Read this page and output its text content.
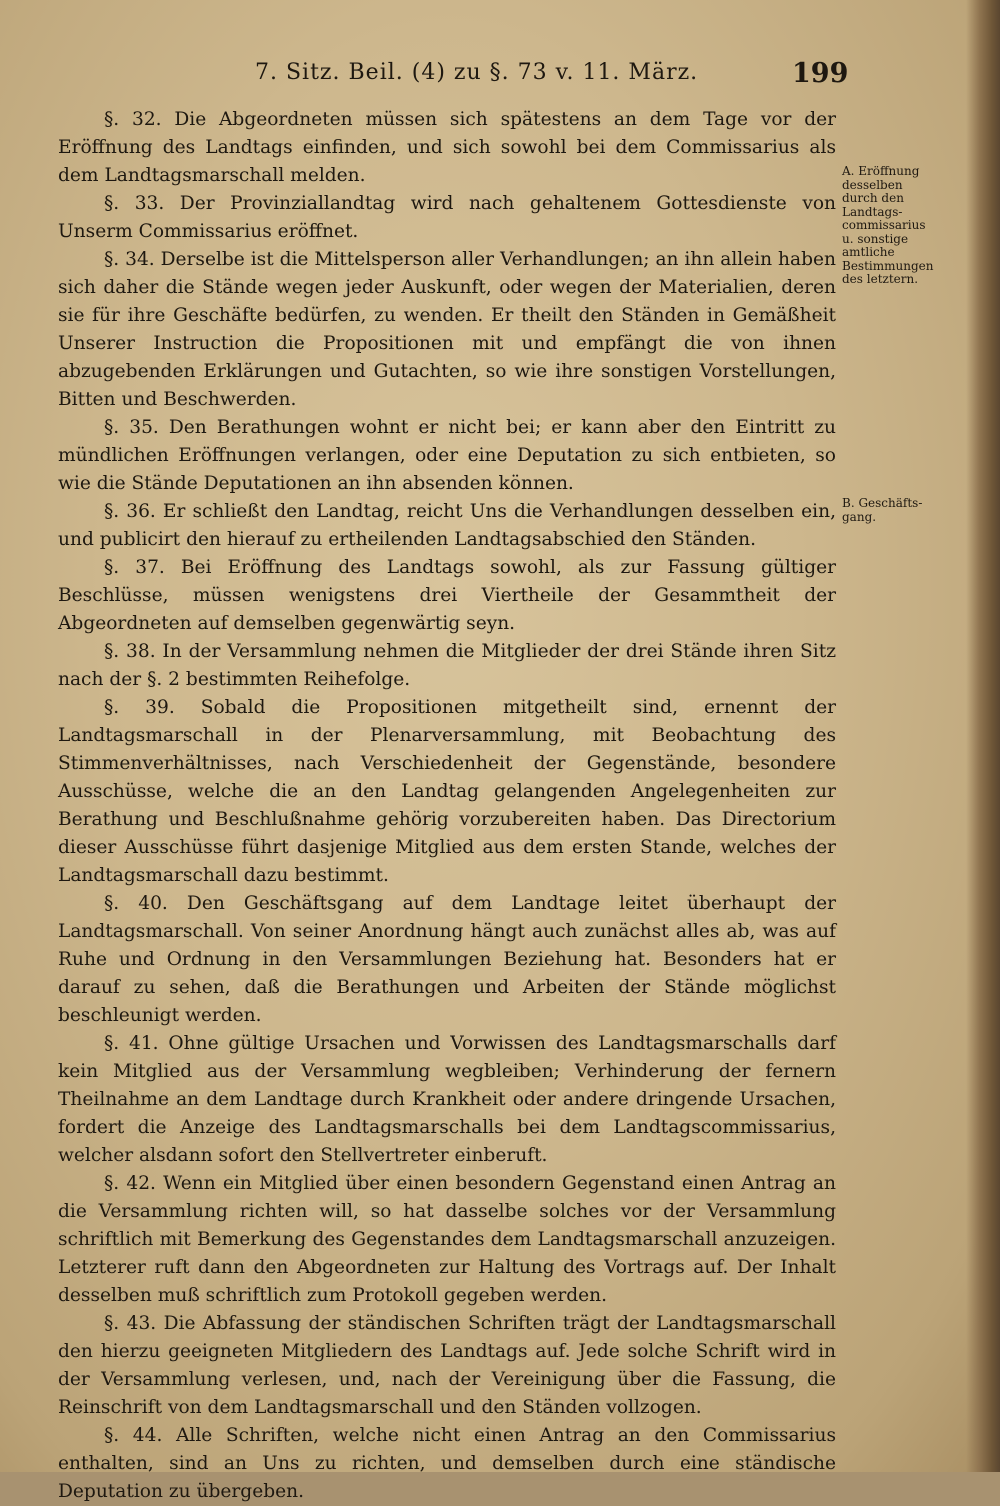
7. Sitz. Beil. (4) zu §. 73 v. 11. März.	199
A. Eröffnung desselben durch den Landtags-commissarius u. sonstige amtliche Bestimmungen des letztern.
B. Geschäfts-gang.

§. 32. Die Abgeordneten müssen sich spätestens an dem Tage vor der Eröffnung des Landtags einfinden, und sich sowohl bei dem Commissarius als dem Landtagsmarschall melden.

§. 33. Der Provinziallandtag wird nach gehaltenem Gottesdienste von Unserm Commissarius eröffnet.

§. 34. Derselbe ist die Mittelsperson aller Verhandlungen; an ihn allein haben sich daher die Stände wegen jeder Auskunft, oder wegen der Materialien, deren sie für ihre Geschäfte bedürfen, zu wenden. Er theilt den Ständen in Gemäßheit Unserer Instruction die Propositionen mit und empfängt die von ihnen abzugebenden Erklärungen und Gutachten, so wie ihre sonstigen Vorstellungen, Bitten und Beschwerden.

§. 35. Den Berathungen wohnt er nicht bei; er kann aber den Eintritt zu mündlichen Eröffnungen verlangen, oder eine Deputation zu sich entbieten, so wie die Stände Deputationen an ihn absenden können.

§. 36. Er schließt den Landtag, reicht Uns die Verhandlungen desselben ein, und publicirt den hierauf zu ertheilenden Landtagsabschied den Ständen.

§. 37. Bei Eröffnung des Landtags sowohl, als zur Fassung gültiger Beschlüsse, müssen wenigstens drei Viertheile der Gesammtheit der Abgeordneten auf demselben gegenwärtig seyn.

§. 38. In der Versammlung nehmen die Mitglieder der drei Stände ihren Sitz nach der §. 2 bestimmten Reihefolge.

§. 39. Sobald die Propositionen mitgetheilt sind, ernennt der Landtagsmarschall in der Plenarversammlung, mit Beobachtung des Stimmenverhältnisses, nach Verschiedenheit der Gegenstände, besondere Ausschüsse, welche die an den Landtag gelangenden Angelegenheiten zur Berathung und Beschlußnahme gehörig vorzubereiten haben. Das Directorium dieser Ausschüsse führt dasjenige Mitglied aus dem ersten Stande, welches der Landtagsmarschall dazu bestimmt.

§. 40. Den Geschäftsgang auf dem Landtage leitet überhaupt der Landtagsmarschall. Von seiner Anordnung hängt auch zunächst alles ab, was auf Ruhe und Ordnung in den Versammlungen Beziehung hat. Besonders hat er darauf zu sehen, daß die Berathungen und Arbeiten der Stände möglichst beschleunigt werden.

§. 41. Ohne gültige Ursachen und Vorwissen des Landtagsmarschalls darf kein Mitglied aus der Versammlung wegbleiben; Verhinderung der fernern Theilnahme an dem Landtage durch Krankheit oder andere dringende Ursachen, fordert die Anzeige des Landtagsmarschalls bei dem Landtagscommissarius, welcher alsdann sofort den Stellvertreter einberuft.

§. 42. Wenn ein Mitglied über einen besondern Gegenstand einen Antrag an die Versammlung richten will, so hat dasselbe solches vor der Versammlung schriftlich mit Bemerkung des Gegenstandes dem Landtagsmarschall anzuzeigen. Letzterer ruft dann den Abgeordneten zur Haltung des Vortrags auf. Der Inhalt desselben muß schriftlich zum Protokoll gegeben werden.

§. 43. Die Abfassung der ständischen Schriften trägt der Landtagsmarschall den hierzu geeigneten Mitgliedern des Landtags auf. Jede solche Schrift wird in der Versammlung verlesen, und, nach der Vereinigung über die Fassung, die Reinschrift von dem Landtagsmarschall und den Ständen vollzogen.

§. 44. Alle Schriften, welche nicht einen Antrag an den Commissarius enthalten, sind an Uns zu richten, und demselben durch eine ständische Deputation zu übergeben.
